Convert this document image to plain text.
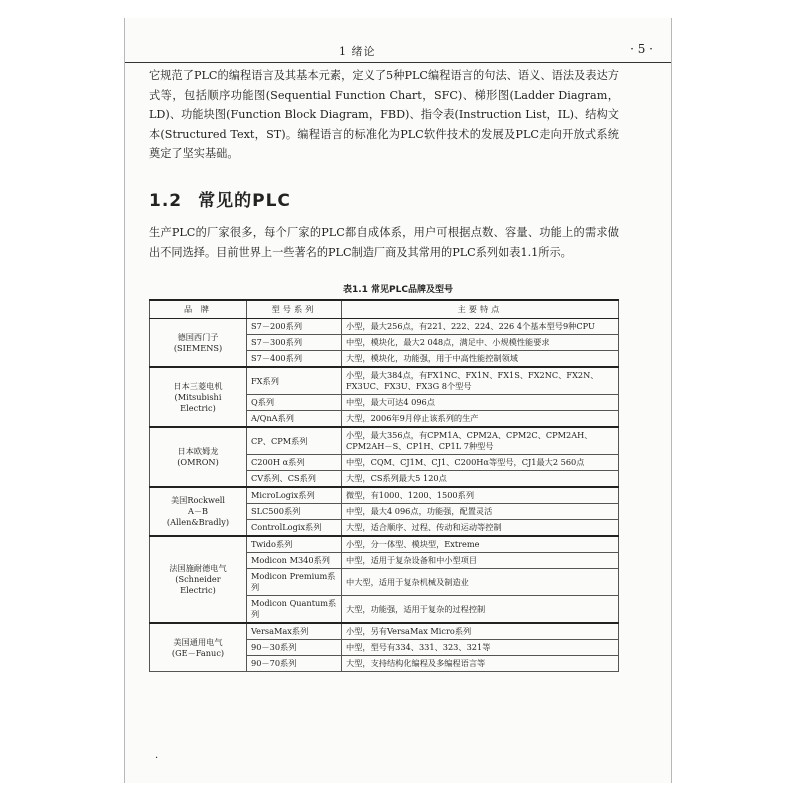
1 绪论	· 5 ·

它规范了PLC的编程语言及其基本元素，定义了5种PLC编程语言的句法、语义、语法及表达方式等，包括顺序功能图(Sequential Function Chart，SFC)、梯形图(Ladder Diagram，LD)、功能块图(Function Block Diagram，FBD)、指令表(Instruction List，IL)、结构文本(Structured Text，ST)。编程语言的标准化为PLC软件技术的发展及PLC走向开放式系统奠定了坚实基础。

1.2 常见的PLC

生产PLC的厂家很多，每个厂家的PLC都自成体系，用户可根据点数、容量、功能上的需求做出不同选择。目前世界上一些著名的PLC制造厂商及其常用的PLC系列如表1.1所示。

表1.1 常见PLC品牌及型号
品 牌	型号系列	主要特点
德国西门子
(SIEMENS)	S7－200系列	小型，最大256点，有221、222、224、226 4个基本型号9种CPU
	S7－300系列	中型，模块化，最大2 048点，满足中、小规模性能要求
	S7－400系列	大型，模块化，功能强，用于中高性能控制领域
日本三菱电机
(Mitsubishi
Electric)	FX系列	小型，最大384点，有FX1NC、FX1N、FX1S、FX2NC、FX2N、FX3UC、FX3U、FX3G 8个型号
	Q系列	中型，最大可达4 096点
	A/QnA系列	大型，2006年9月停止该系列的生产
日本欧姆龙
(OMRON)	CP、CPM系列	小型，最大356点，有CPM1A、CPM2A、CPM2C、CPM2AH、CPM2AH－S、CP1H、CP1L 7种型号
	C200H α系列	中型，CQM、CJ1M、CJ1、C200Hα等型号，CJ1最大2 560点
	CV系列、CS系列	大型，CS系列最大5 120点
美国Rockwell
A－B
(Allen&Bradly)	MicroLogix系列	微型，有1000、1200、1500系列
	SLC500系列	中型，最大4 096点，功能强，配置灵活
	ControlLogix系列	大型，适合顺序、过程、传动和运动等控制
法国施耐德电气
(Schneider
Electric)	Twido系列	小型，分一体型、模块型，Extreme
	Modicon M340系列	中型，适用于复杂设备和中小型项目
	Modicon Premium系列	中大型，适用于复杂机械及制造业
	Modicon Quantum系列	大型，功能强，适用于复杂的过程控制
美国通用电气
(GE－Fanuc)	VersaMax系列	小型，另有VersaMax Micro系列
	90－30系列	中型，型号有334、331、323、321等
	90－70系列	大型，支持结构化编程及多编程语言等
·
